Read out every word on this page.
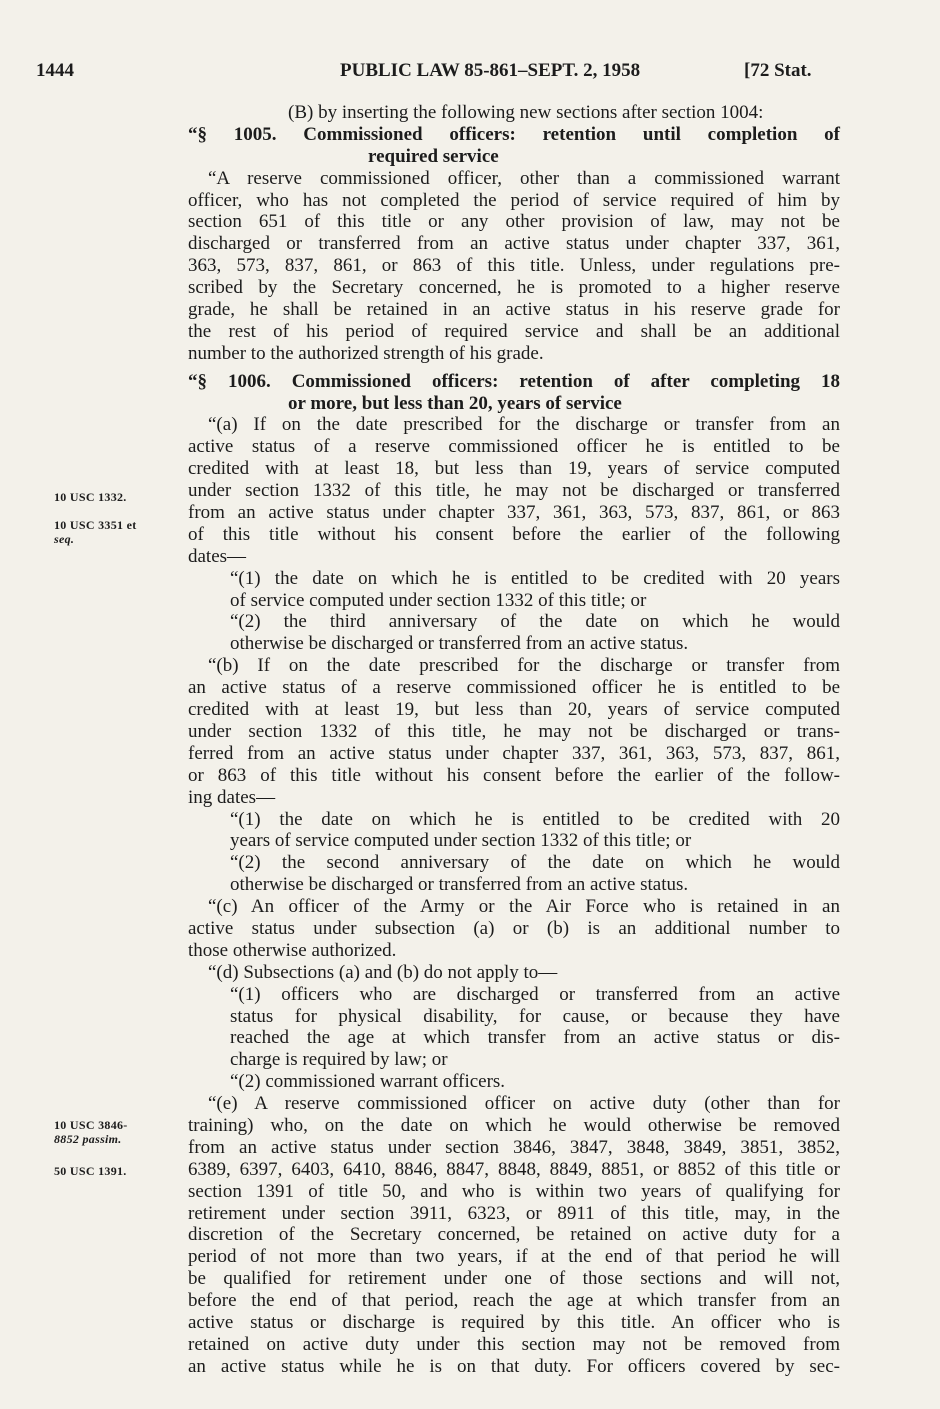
1444	PUBLIC LAW 85-861–SEPT. 2, 1958	[72 Stat.
10 USC 1332.
10 USC 3351 et
seq.
10 USC 3846-
8852 passim.
50 USC 1391.
(B) by inserting the following new sections after section 1004:
“§ 1005. Commissioned officers: retention until completion of
required service
“A reserve commissioned officer, other than a commissioned warrant
officer, who has not completed the period of service required of him by
section 651 of this title or any other provision of law, may not be
discharged or transferred from an active status under chapter 337, 361,
363, 573, 837, 861, or 863 of this title. Unless, under regulations pre-
scribed by the Secretary concerned, he is promoted to a higher reserve
grade, he shall be retained in an active status in his reserve grade for
the rest of his period of required service and shall be an additional
number to the authorized strength of his grade.
“§ 1006. Commissioned officers: retention of after completing 18
or more, but less than 20, years of service
“(a) If on the date prescribed for the discharge or transfer from an
active status of a reserve commissioned officer he is entitled to be
credited with at least 18, but less than 19, years of service computed
under section 1332 of this title, he may not be discharged or transferred
from an active status under chapter 337, 361, 363, 573, 837, 861, or 863
of this title without his consent before the earlier of the following
dates—
“(1) the date on which he is entitled to be credited with 20 years
of service computed under section 1332 of this title; or
“(2) the third anniversary of the date on which he would
otherwise be discharged or transferred from an active status.
“(b) If on the date prescribed for the discharge or transfer from
an active status of a reserve commissioned officer he is entitled to be
credited with at least 19, but less than 20, years of service computed
under section 1332 of this title, he may not be discharged or trans-
ferred from an active status under chapter 337, 361, 363, 573, 837, 861,
or 863 of this title without his consent before the earlier of the follow-
ing dates—
“(1) the date on which he is entitled to be credited with 20
years of service computed under section 1332 of this title; or
“(2) the second anniversary of the date on which he would
otherwise be discharged or transferred from an active status.
“(c) An officer of the Army or the Air Force who is retained in an
active status under subsection (a) or (b) is an additional number to
those otherwise authorized.
“(d) Subsections (a) and (b) do not apply to—
“(1) officers who are discharged or transferred from an active
status for physical disability, for cause, or because they have
reached the age at which transfer from an active status or dis-
charge is required by law; or
“(2) commissioned warrant officers.
“(e) A reserve commissioned officer on active duty (other than for
training) who, on the date on which he would otherwise be removed
from an active status under section 3846, 3847, 3848, 3849, 3851, 3852,
6389, 6397, 6403, 6410, 8846, 8847, 8848, 8849, 8851, or 8852 of this title or
section 1391 of title 50, and who is within two years of qualifying for
retirement under section 3911, 6323, or 8911 of this title, may, in the
discretion of the Secretary concerned, be retained on active duty for a
period of not more than two years, if at the end of that period he will
be qualified for retirement under one of those sections and will not,
before the end of that period, reach the age at which transfer from an
active status or discharge is required by this title. An officer who is
retained on active duty under this section may not be removed from
an active status while he is on that duty. For officers covered by sec-
